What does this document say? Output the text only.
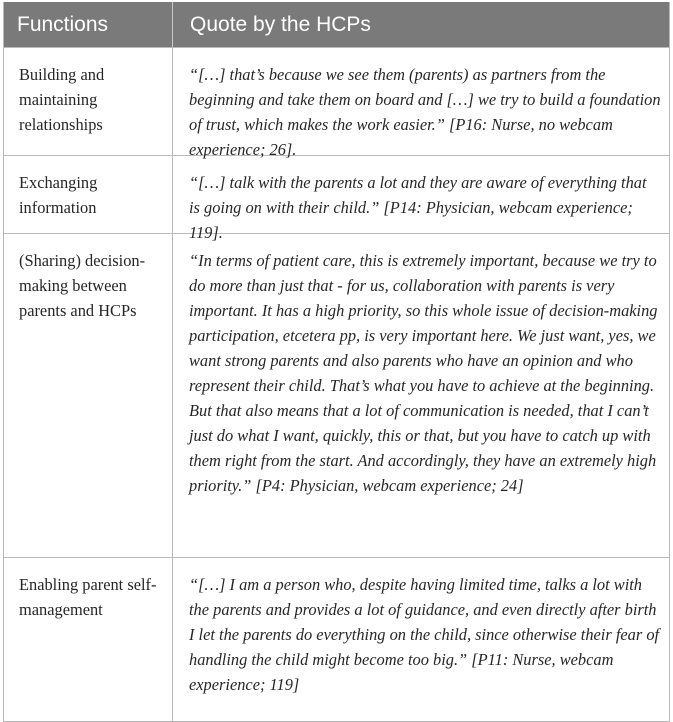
Functions	Quote by the HCPs
Building and maintaining relationships
“[…] that’s because we see them (parents) as partners from the beginning and take them on board and […] we try to build a foundation of trust, which makes the work easier.” [P16: Nurse, no webcam experience; 26].
Exchanging information
“[…] talk with the parents a lot and they are aware of everything that is going on with their child.” [P14: Physician, webcam experience; 119].
(Sharing) decision-making between parents and HCPs
“In terms of patient care, this is extremely important, because we try to do more than just that - for us, collaboration with parents is very important. It has a high priority, so this whole issue of decision-making participation, etcetera pp, is very important here. We just want, yes, we want strong parents and also parents who have an opinion and who represent their child. That’s what you have to achieve at the beginning. But that also means that a lot of communication is needed, that I can’t just do what I want, quickly, this or that, but you have to catch up with them right from the start. And accordingly, they have an extremely high priority.” [P4: Physician, webcam experience; 24]
Enabling parent self-management
“[…] I am a person who, despite having limited time, talks a lot with the parents and provides a lot of guidance, and even directly after birth I let the parents do everything on the child, since otherwise their fear of handling the child might become too big.” [P11: Nurse, webcam experience; 119]
